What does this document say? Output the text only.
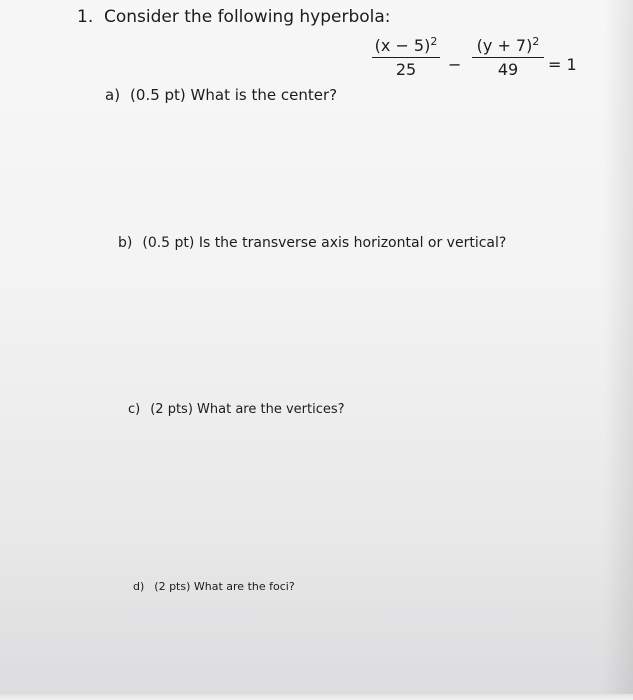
1. Consider the following hyperbola:
$(x - 5)^2$
25	−
$(y + 7)^2$
49	= 1
a) (0.5 pt) What is the center?
b) (0.5 pt) Is the transverse axis horizontal or vertical?
c) (2 pts) What are the vertices?
d) (2 pts) What are the foci?
